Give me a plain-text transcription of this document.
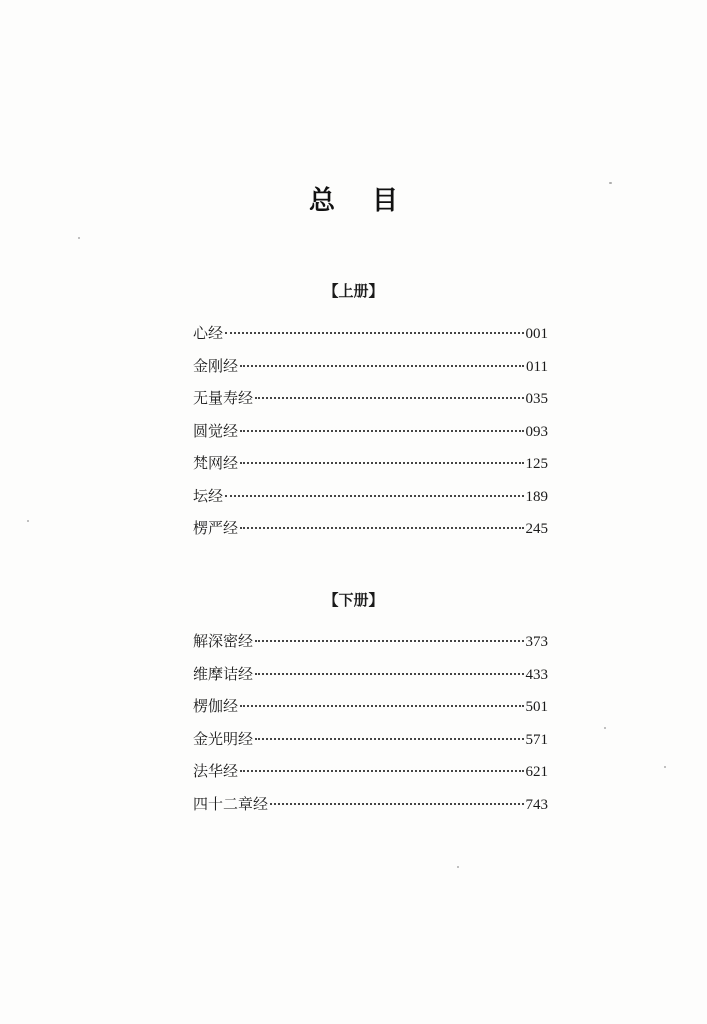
总 目
【上册】
心经	001
金刚经	011
无量寿经	035
圆觉经	093
梵网经	125
坛经	189
楞严经	245
【下册】
解深密经	373
维摩诘经	433
楞伽经	501
金光明经	571
法华经	621
四十二章经	743
